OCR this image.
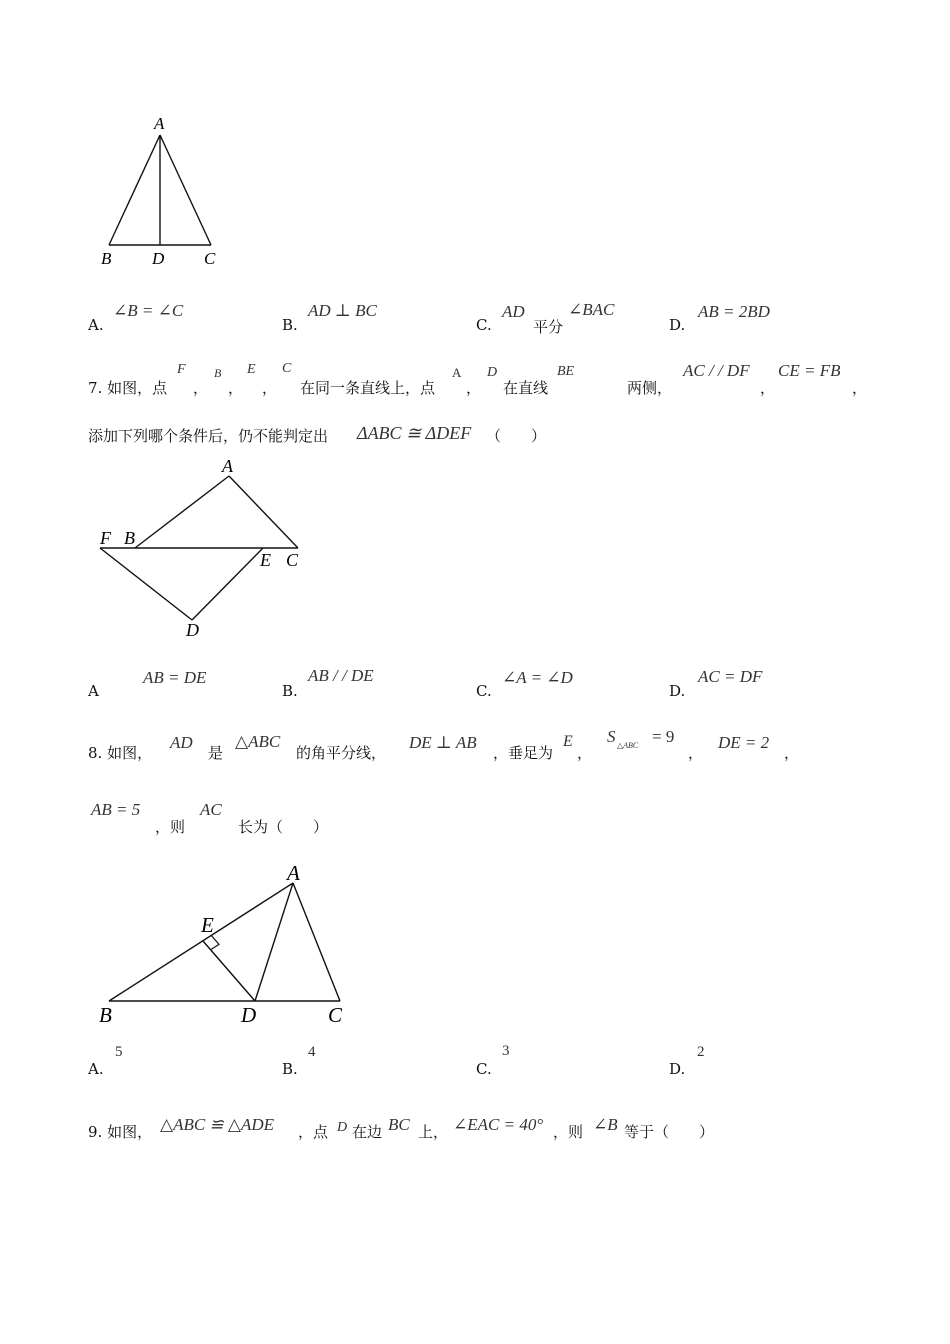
A
B D C
A.
∠B = ∠C
B.
AD ⊥ BC
C.
AD
平分
∠BAC
D.
AB = 2BD
7. 如图，点
F
，
B
，
E
，
C
在同一条直线上，点
A
，
D
在直线
BE
两侧，
AC / / DF
，
CE = FB
，
添加下列哪个条件后，仍不能判定出 ΔABC ≅ ΔDEF （　　）
A
F B
E C
D
A
AB = DE
B.
AB / / DE
C.
∠A = ∠D
D.
AC = DF
8. 如图，
AD
是
△ABC
的角平分线，
DE ⊥ AB
，垂足为
E
，
S △ABC = 9
，
DE = 2
，
AB = 5
，则
AC
长为（　　）
A
E
B	D	C
A.
5
B.
4
C.
3
D.
2
9. 如图， △ABC ≌ △ADE ，点 D 在边 BC 上， ∠EAC = 40° ，则 ∠B 等于（　　）
